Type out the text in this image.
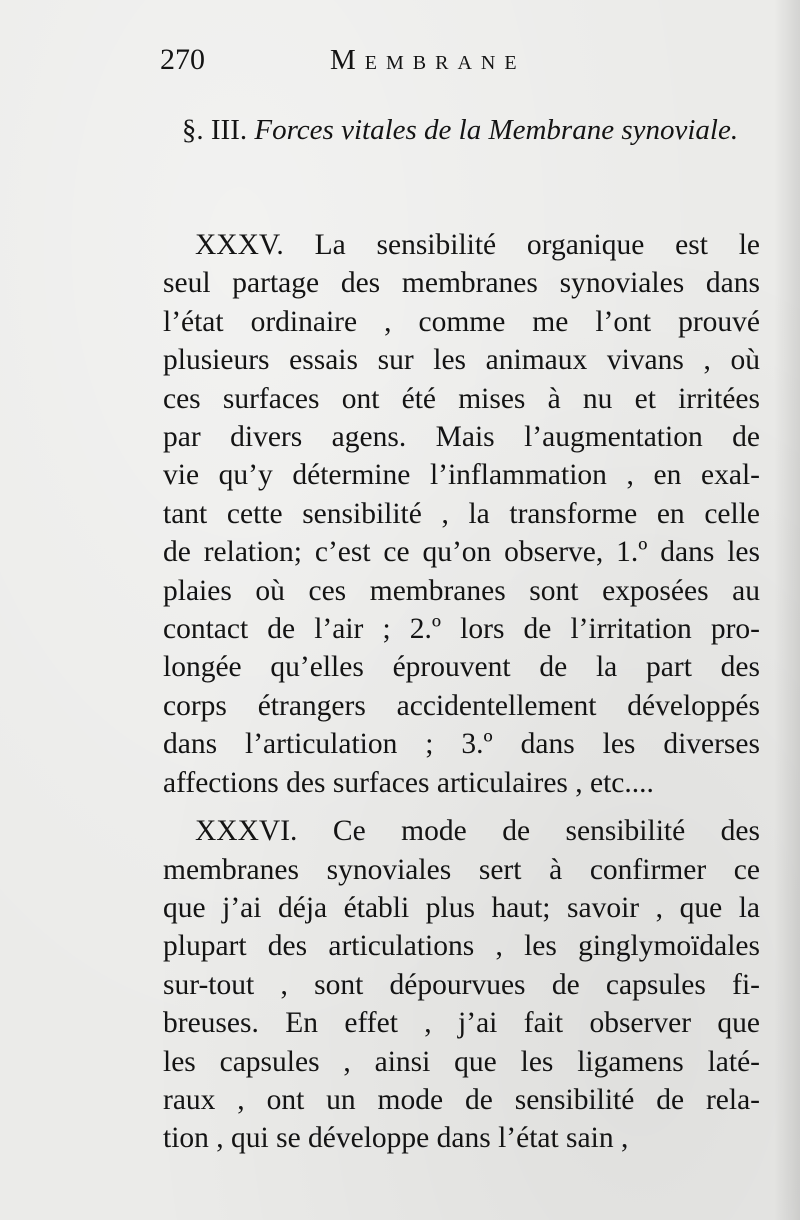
270	Membrane
§. III. Forces vitales de la Membrane synoviale.
XXXV. La sensibilité organique est le
seul partage des membranes synoviales dans
l’état ordinaire , comme me l’ont prouvé
plusieurs essais sur les animaux vivans , où
ces surfaces ont été mises à nu et irritées
par divers agens. Mais l’augmentation de
vie qu’y détermine l’inflammation , en exal-
tant cette sensibilité , la transforme en celle
de relation; c’est ce qu’on observe, 1.º dans les
plaies où ces membranes sont exposées au
contact de l’air ; 2.º lors de l’irritation pro-
longée qu’elles éprouvent de la part des
corps étrangers accidentellement développés
dans l’articulation ; 3.º dans les diverses
affections des surfaces articulaires , etc....
XXXVI. Ce mode de sensibilité des
membranes synoviales sert à confirmer ce
que j’ai déja établi plus haut; savoir , que la
plupart des articulations , les ginglymoïdales
sur-tout , sont dépourvues de capsules fi-
breuses. En effet , j’ai fait observer que
les capsules , ainsi que les ligamens laté-
raux , ont un mode de sensibilité de rela-
tion , qui se développe dans l’état sain ,
